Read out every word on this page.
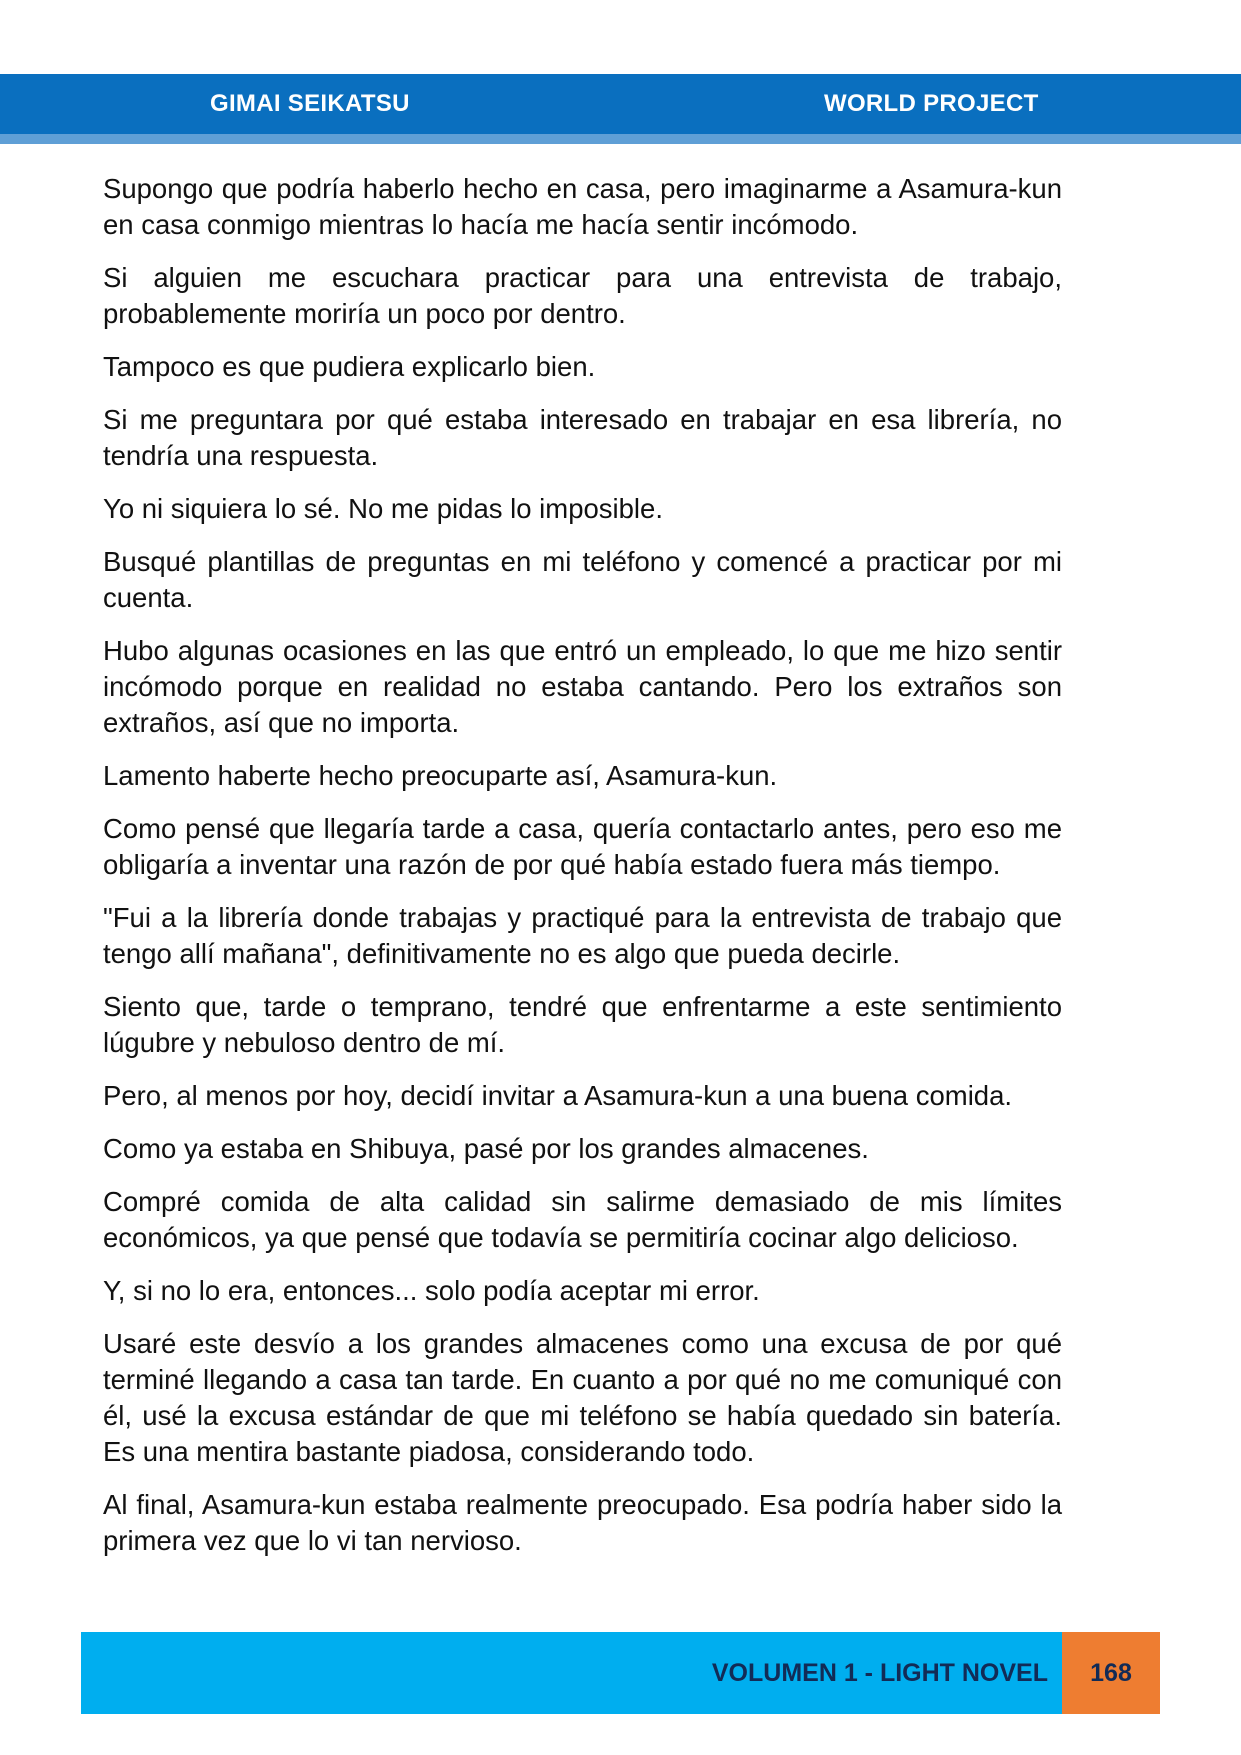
GIMAI SEIKATSU	WORLD PROJECT

Supongo que podría haberlo hecho en casa, pero imaginarme a Asamura-kun en casa conmigo mientras lo hacía me hacía sentir incómodo.

Si alguien me escuchara practicar para una entrevista de trabajo, probablemente moriría un poco por dentro.

Tampoco es que pudiera explicarlo bien.

Si me preguntara por qué estaba interesado en trabajar en esa librería, no tendría una respuesta.

Yo ni siquiera lo sé. No me pidas lo imposible.

Busqué plantillas de preguntas en mi teléfono y comencé a practicar por mi cuenta.

Hubo algunas ocasiones en las que entró un empleado, lo que me hizo sentir incómodo porque en realidad no estaba cantando. Pero los extraños son extraños, así que no importa.

Lamento haberte hecho preocuparte así, Asamura-kun.

Como pensé que llegaría tarde a casa, quería contactarlo antes, pero eso me obligaría a inventar una razón de por qué había estado fuera más tiempo.

"Fui a la librería donde trabajas y practiqué para la entrevista de trabajo que tengo allí mañana", definitivamente no es algo que pueda decirle.

Siento que, tarde o temprano, tendré que enfrentarme a este sentimiento lúgubre y nebuloso dentro de mí.

Pero, al menos por hoy, decidí invitar a Asamura-kun a una buena comida.

Como ya estaba en Shibuya, pasé por los grandes almacenes.

Compré comida de alta calidad sin salirme demasiado de mis límites económicos, ya que pensé que todavía se permitiría cocinar algo delicioso.

Y, si no lo era, entonces... solo podía aceptar mi error.

Usaré este desvío a los grandes almacenes como una excusa de por qué terminé llegando a casa tan tarde. En cuanto a por qué no me comuniqué con él, usé la excusa estándar de que mi teléfono se había quedado sin batería. Es una mentira bastante piadosa, considerando todo.

Al final, Asamura-kun estaba realmente preocupado. Esa podría haber sido la primera vez que lo vi tan nervioso.

VOLUMEN 1 - LIGHT NOVEL	168
